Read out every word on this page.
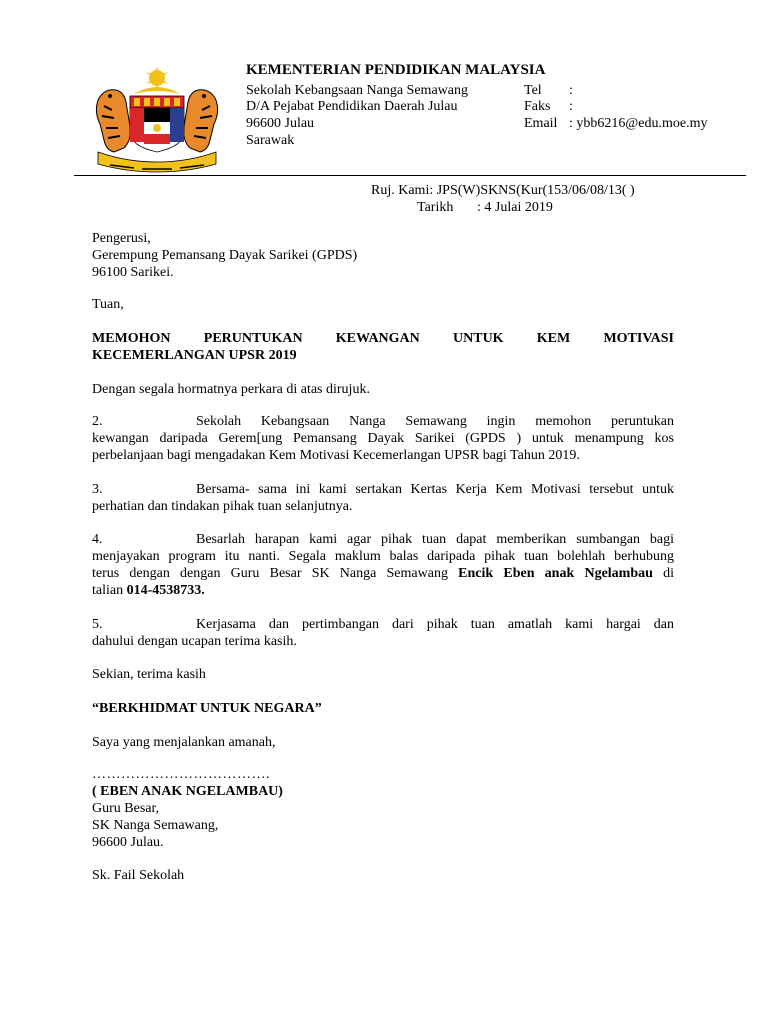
KEMENTERIAN PENDIDIKAN MALAYSIA
Sekolah Kebangsaan Nanga Semawang
D/A Pejabat Pendidikan Daerah Julau
96600 Julau
Sarawak
Tel :
Faks :
Email : ybb6216@edu.moe.my
Ruj. Kami: JPS(W)SKNS(Kur(153/06/08/13( )
Tarikh : 4 Julai 2019
Pengerusi,
Gerempung Pemansang Dayak Sarikei (GPDS)
96100 Sarikei.
Tuan,
MEMOHON PERUNTUKAN KEWANGAN UNTUK KEM MOTIVASI
KECEMERLANGAN UPSR 2019
Dengan segala hormatnya perkara di atas dirujuk.
2.	Sekolah Kebangsaan Nanga Semawang ingin memohon peruntukan
kewangan daripada Gerem[ung Pemansang Dayak Sarikei (GPDS ) untuk menampung kos
perbelanjaan bagi mengadakan Kem Motivasi Kecemerlangan UPSR bagi Tahun 2019.
3.	Bersama- sama ini kami sertakan Kertas Kerja Kem Motivasi tersebut untuk
perhatian dan tindakan pihak tuan selanjutnya.
4.	Besarlah harapan kami agar pihak tuan dapat memberikan sumbangan bagi
menjayakan program itu nanti. Segala maklum balas daripada pihak tuan bolehlah berhubung
terus dengan dengan Guru Besar SK Nanga Semawang Encik Eben anak Ngelambau di
talian 014-4538733.
5.	Kerjasama dan pertimbangan dari pihak tuan amatlah kami hargai dan
dahului dengan ucapan terima kasih.
Sekian, terima kasih
“BERKHIDMAT UNTUK NEGARA”
Saya yang menjalankan amanah,
……………………………….
( EBEN ANAK NGELAMBAU)
Guru Besar,
SK Nanga Semawang,
96600 Julau.
Sk. Fail Sekolah
